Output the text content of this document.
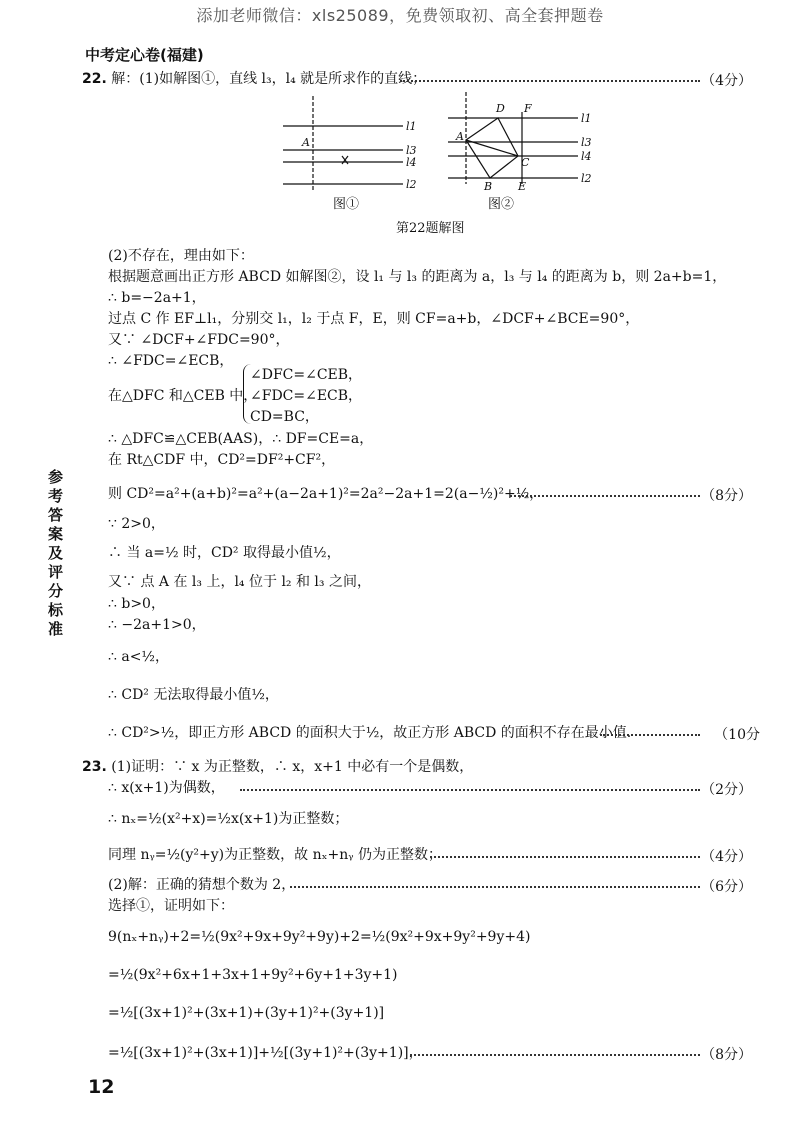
添加老师微信：xls25089，免费领取初、高全套押题卷
中考定心卷(福建)
参考答案及评分标准
22. 解：(1)如解图①，直线 l₃，l₄ 就是所求作的直线；	（4分）
l1
l3
l4
l2
A
l1
l3
l4
l2
A
D F
C
B E
图①	图②
第22题解图
(2)不存在，理由如下：
根据题意画出正方形 ABCD 如解图②，设 l₁ 与 l₃ 的距离为 a，l₃ 与 l₄ 的距离为 b，则 2a+b=1，
∴ b=−2a+1，
过点 C 作 EF⊥l₁，分别交 l₁，l₂ 于点 F，E，则 CF=a+b，∠DCF+∠BCE=90°，
又∵ ∠DCF+∠FDC=90°，
∴ ∠FDC=∠ECB，
∠DFC=∠CEB，
在△DFC 和△CEB 中，
∠FDC=∠ECB，
CD=BC，
∴ △DFC≌△CEB(AAS)，∴ DF=CE=a，
在 Rt△CDF 中，CD²=DF²+CF²，
则 CD²=a²+(a+b)²=a²+(a−2a+1)²=2a²−2a+1=2(a−½)²+½，	（8分）
∵ 2>0，
∴ 当 a=½ 时，CD² 取得最小值½，
又∵ 点 A 在 l₃ 上，l₄ 位于 l₂ 和 l₃ 之间，
∴ b>0，
∴ −2a+1>0，
∴ a<½，
∴ CD² 无法取得最小值½，
∴ CD²>½，即正方形 ABCD 的面积大于½，故正方形 ABCD 的面积不存在最小值.	（10分
23. (1)证明：∵ x 为正整数，∴ x，x+1 中必有一个是偶数，
∴ x(x+1)为偶数，	（2分）
∴ nₓ=½(x²+x)=½x(x+1)为正整数；
同理 nᵧ=½(y²+y)为正整数，故 nₓ+nᵧ 仍为正整数；	（4分）
(2)解：正确的猜想个数为 2，	（6分）
选择①，证明如下：
9(nₓ+nᵧ)+2=½(9x²+9x+9y²+9y)+2=½(9x²+9x+9y²+9y+4)
=½(9x²+6x+1+3x+1+9y²+6y+1+3y+1)
=½[(3x+1)²+(3x+1)+(3y+1)²+(3y+1)]
=½[(3x+1)²+(3x+1)]+½[(3y+1)²+(3y+1)]，	（8分）
12
